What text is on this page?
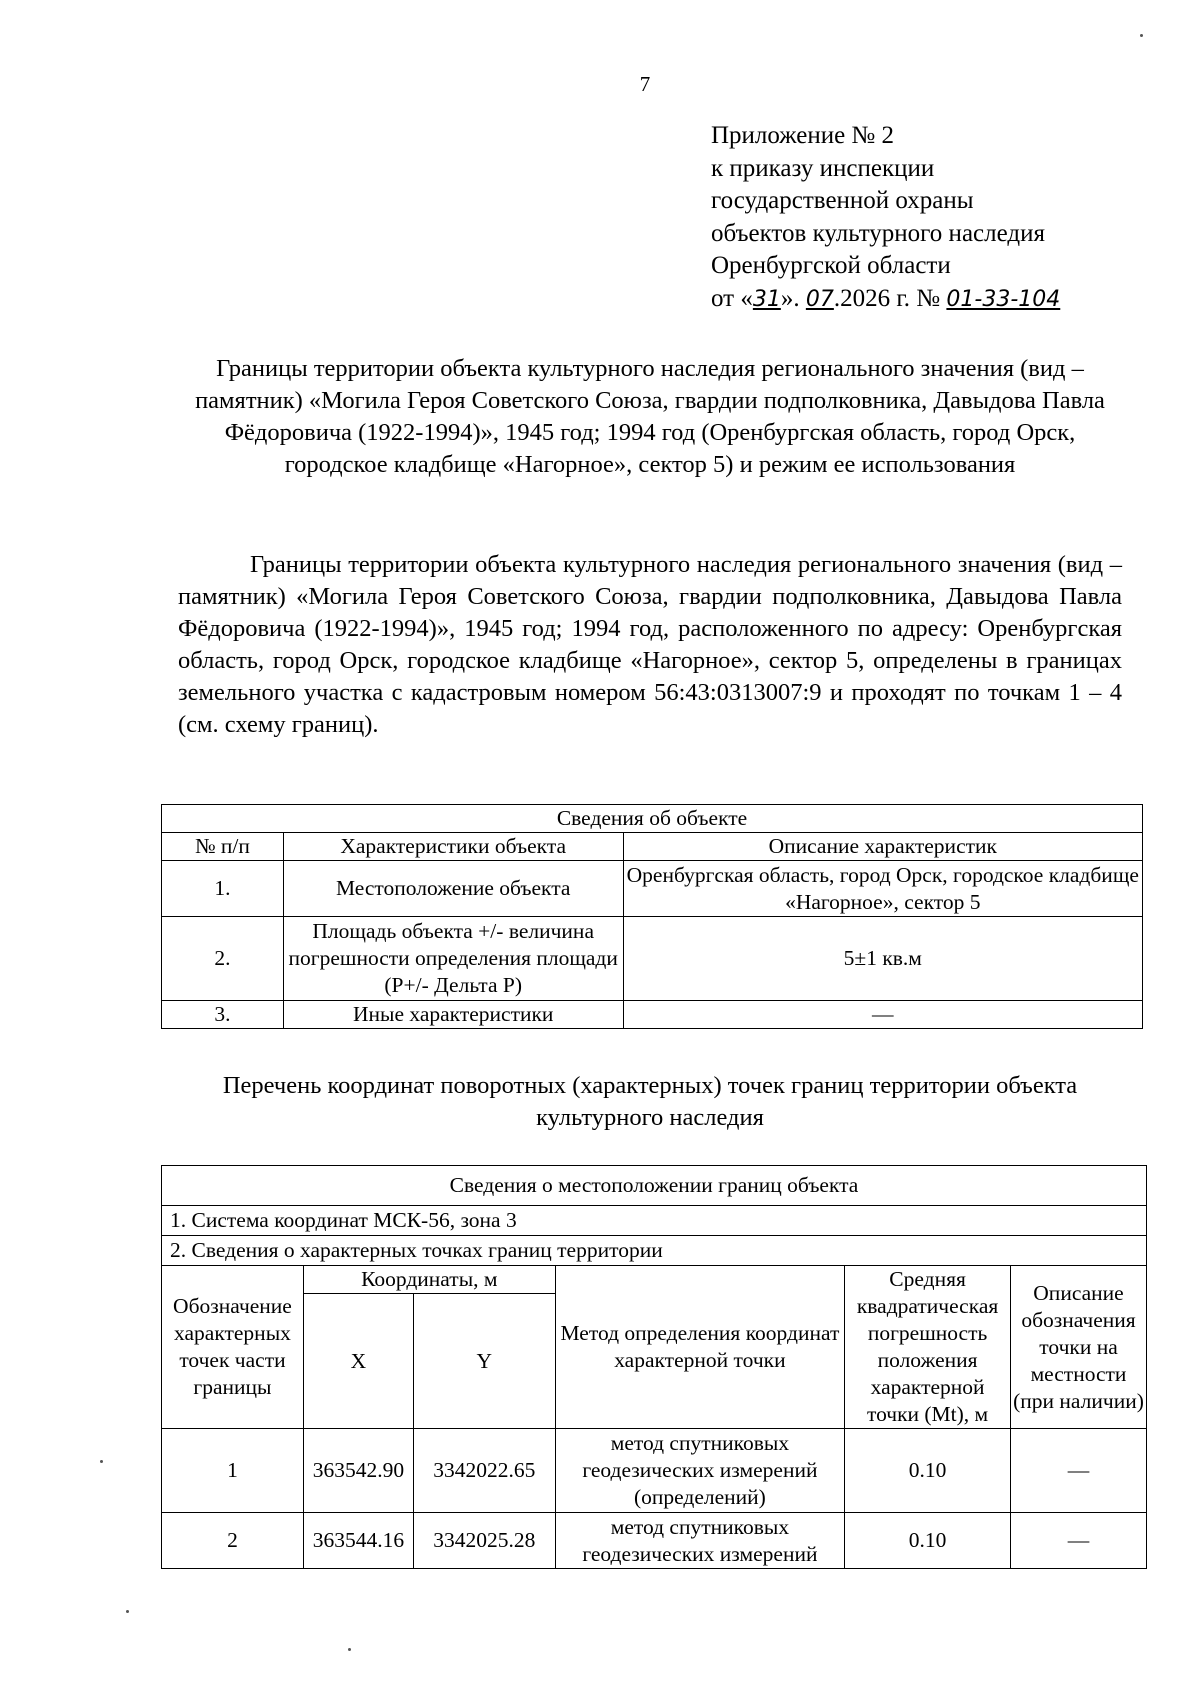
7
Приложение № 2
к приказу инспекции
государственной охраны
объектов культурного наследия
Оренбургской области
от «31». 07.2026 г. № 01-33-104
Границы территории объекта культурного наследия регионального значения (вид – памятник) «Могила Героя Советского Союза, гвардии подполковника, Давыдова Павла Фёдоровича (1922-1994)», 1945 год; 1994 год (Оренбургская область, город Орск, городское кладбище «Нагорное», сектор 5) и режим ее использования
Границы территории объекта культурного наследия регионального значения (вид – памятник) «Могила Героя Советского Союза, гвардии подполковника, Давыдова Павла Фёдоровича (1922-1994)», 1945 год; 1994 год, расположенного по адресу: Оренбургская область, город Орск, городское кладбище «Нагорное», сектор 5, определены в границах земельного участка с кадастровым номером 56:43:0313007:9 и проходят по точкам 1 – 4 (см. схему границ).
Сведения об объекте		
№ п/п	Характеристики объекта	Описание характеристик
1.	Местоположение объекта	Оренбургская область, город Орск, городское кладбище «Нагорное», сектор 5
2.	Площадь объекта +/- величина погрешности определения площади (Р+/- Дельта Р)	5±1 кв.м
3.	Иные характеристики	—
Перечень координат поворотных (характерных) точек границ территории объекта культурного наследия
Сведения о местоположении границ объекта					
1. Система координат МСК-56, зона 3					
2. Сведения о характерных точках границ территории					
Обозначение характерных точек части границы	Координаты, м		Метод определения координат характерной точки	Средняя квадратическая погрешность положения характерной точки (Mt), м	Описание обозначения точки на местности (при наличии)
	X	Y			
1	363542.90	3342022.65	метод спутниковых геодезических измерений (определений)	0.10	—
2	363544.16	3342025.28	метод спутниковых геодезических измерений	0.10	—
